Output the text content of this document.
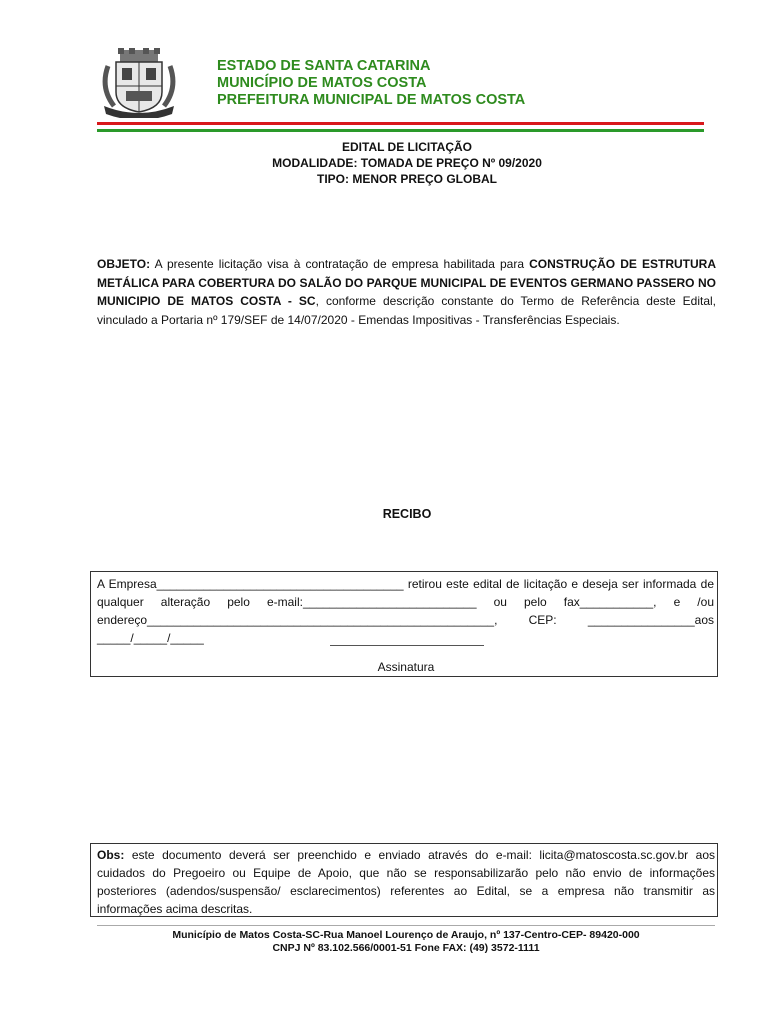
ESTADO DE SANTA CATARINA
MUNICÍPIO DE MATOS COSTA
PREFEITURA MUNICIPAL DE MATOS COSTA
EDITAL DE LICITAÇÃO
MODALIDADE: TOMADA DE PREÇO Nº 09/2020
TIPO: MENOR PREÇO GLOBAL
OBJETO: A presente licitação visa à contratação de empresa habilitada para CONSTRUÇÃO DE ESTRUTURA METÁLICA PARA COBERTURA DO SALÃO DO PARQUE MUNICIPAL DE EVENTOS GERMANO PASSERO NO MUNICIPIO DE MATOS COSTA - SC, conforme descrição constante do Termo de Referência deste Edital, vinculado a Portaria nº 179/SEF de 14/07/2020 - Emendas Impositivas - Transferências Especiais.
RECIBO
A Empresa_____________________________________ retirou este edital de licitação e deseja ser informada de qualquer alteração pelo e-mail:__________________________ ou pelo fax___________, e /ou endereço____________________________________________________, CEP: ________________aos _____/_____/_____
Assinatura
Obs: este documento deverá ser preenchido e enviado através do e-mail: licita@matoscosta.sc.gov.br aos cuidados do Pregoeiro ou Equipe de Apoio, que não se responsabilizarão pelo não envio de informações posteriores (adendos/suspensão/ esclarecimentos) referentes ao Edital, se a empresa não transmitir as informações acima descritas.
Município de Matos Costa-SC-Rua Manoel Lourenço de Araujo, nº 137-Centro-CEP- 89420-000
CNPJ Nº 83.102.566/0001-51 Fone FAX: (49) 3572-1111
